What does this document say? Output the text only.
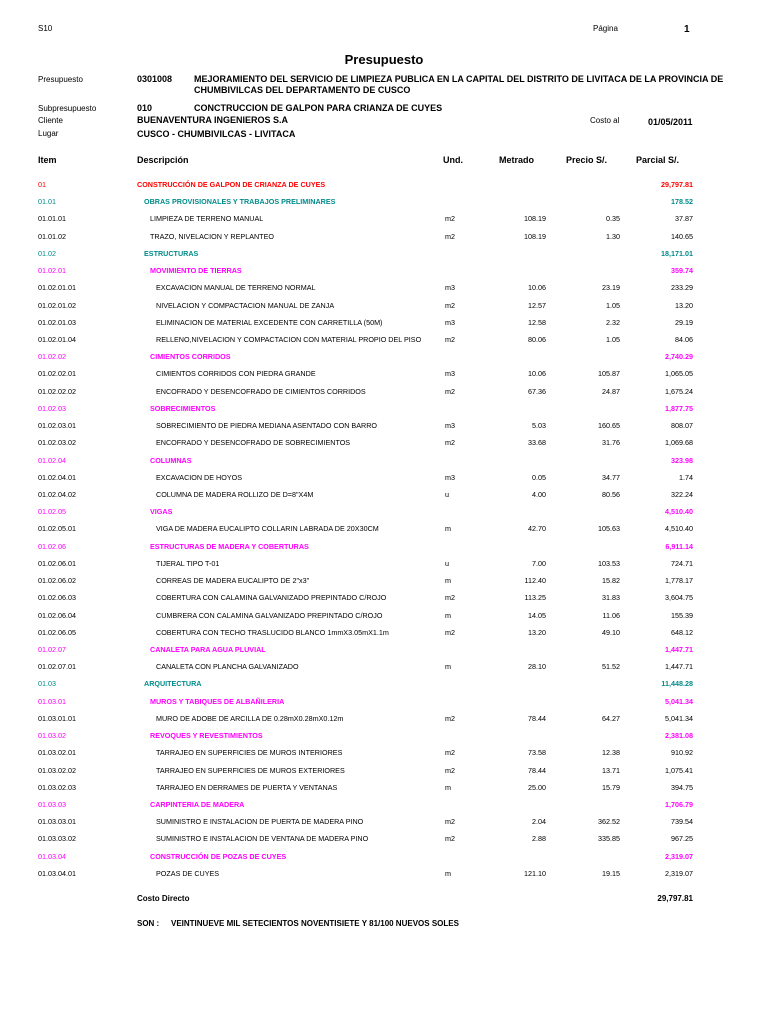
S10	Página	1
Presupuesto
Presupuesto	0301008 MEJORAMIENTO DEL SERVICIO DE LIMPIEZA PUBLICA EN LA CAPITAL DEL DISTRITO DE LIVITACA DE LA PROVINCIA DE
CHUMBIVILCAS DEL DEPARTAMENTO DE CUSCO
Subpresupuesto	010	CONCTRUCCION DE GALPON PARA CRIANZA DE CUYES
Cliente	BUENAVENTURA INGENIEROS S.A	Costo al	01/05/2011
Lugar	CUSCO - CHUMBIVILCAS - LIVITACA
Item	Descripción	Und.	Metrado	Precio S/.	Parcial S/.
01	CONSTRUCCIÓN DE GALPON DE CRIANZA DE CUYES	29,797.81
01.01	OBRAS PROVISIONALES Y TRABAJOS PRELIMINARES	178.52
01.01.01	LIMPIEZA DE TERRENO MANUAL	m2	108.19	0.35	37.87
01.01.02	TRAZO, NIVELACION Y REPLANTEO	m2	108.19	1.30	140.65
01.02	ESTRUCTURAS	18,171.01
01.02.01	MOVIMIENTO DE TIERRAS	359.74
01.02.01.01	EXCAVACION MANUAL DE TERRENO NORMAL	m3	10.06	23.19	233.29
01.02.01.02	NIVELACION Y COMPACTACION MANUAL DE ZANJA	m2	12.57	1.05	13.20
01.02.01.03	ELIMINACION DE MATERIAL EXCEDENTE CON CARRETILLA (50M)	m3	12.58	2.32	29.19
01.02.01.04	RELLENO,NIVELACION Y COMPACTACION CON MATERIAL PROPIO DEL PISO	m2	80.06	1.05	84.06
01.02.02	CIMIENTOS CORRIDOS	2,740.29
01.02.02.01	CIMIENTOS CORRIDOS CON PIEDRA GRANDE	m3	10.06	105.87	1,065.05
01.02.02.02	ENCOFRADO Y DESENCOFRADO DE CIMIENTOS CORRIDOS	m2	67.36	24.87	1,675.24
01.02.03	SOBRECIMIENTOS	1,877.75
01.02.03.01	SOBRECIMIENTO DE PIEDRA MEDIANA ASENTADO CON BARRO	m3	5.03	160.65	808.07
01.02.03.02	ENCOFRADO Y DESENCOFRADO DE SOBRECIMIENTOS	m2	33.68	31.76	1,069.68
01.02.04	COLUMNAS	323.98
01.02.04.01	EXCAVACION DE HOYOS	m3	0.05	34.77	1.74
01.02.04.02	COLUMNA DE MADERA ROLLIZO DE D=8"X4M	u	4.00	80.56	322.24
01.02.05	VIGAS	4,510.40
01.02.05.01	VIGA DE MADERA EUCALIPTO COLLARIN LABRADA DE 20X30CM	m	42.70	105.63	4,510.40
01.02.06	ESTRUCTURAS DE MADERA Y COBERTURAS	6,911.14
01.02.06.01	TIJERAL TIPO T-01	u	7.00	103.53	724.71
01.02.06.02	CORREAS DE MADERA EUCALIPTO DE 2"x3"	m	112.40	15.82	1,778.17
01.02.06.03	COBERTURA CON CALAMINA GALVANIZADO PREPINTADO C/ROJO	m2	113.25	31.83	3,604.75
01.02.06.04	CUMBRERA CON CALAMINA GALVANIZADO PREPINTADO C/ROJO	m	14.05	11.06	155.39
01.02.06.05	COBERTURA CON TECHO TRASLUCIDO BLANCO 1mmX3.05mX1.1m	m2	13.20	49.10	648.12
01.02.07	CANALETA PARA AGUA PLUVIAL	1,447.71
01.02.07.01	CANALETA CON PLANCHA GALVANIZADO	m	28.10	51.52	1,447.71
01.03	ARQUITECTURA	11,448.28
01.03.01	MUROS Y TABIQUES DE ALBAÑILERIA	5,041.34
01.03.01.01	MURO DE ADOBE DE ARCILLA DE 0.28mX0.28mX0.12m	m2	78.44	64.27	5,041.34
01.03.02	REVOQUES Y REVESTIMIENTOS	2,381.08
01.03.02.01	TARRAJEO EN SUPERFICIES DE MUROS INTERIORES	m2	73.58	12.38	910.92
01.03.02.02	TARRAJEO EN SUPERFICIES DE MUROS EXTERIORES	m2	78.44	13.71	1,075.41
01.03.02.03	TARRAJEO EN DERRAMES DE PUERTA Y VENTANAS	m	25.00	15.79	394.75
01.03.03	CARPINTERIA DE MADERA	1,706.79
01.03.03.01	SUMINISTRO E INSTALACION DE PUERTA DE MADERA PINO	m2	2.04	362.52	739.54
01.03.03.02	SUMINISTRO E INSTALACION DE VENTANA DE MADERA PINO	m2	2.88	335.85	967.25
01.03.04	CONSTRUCCIÓN DE POZAS DE CUYES	2,319.07
01.03.04.01	POZAS DE CUYES	m	121.10	19.15	2,319.07
Costo Directo	29,797.81
SON : VEINTINUEVE MIL SETECIENTOS NOVENTISIETE Y 81/100 NUEVOS SOLES
